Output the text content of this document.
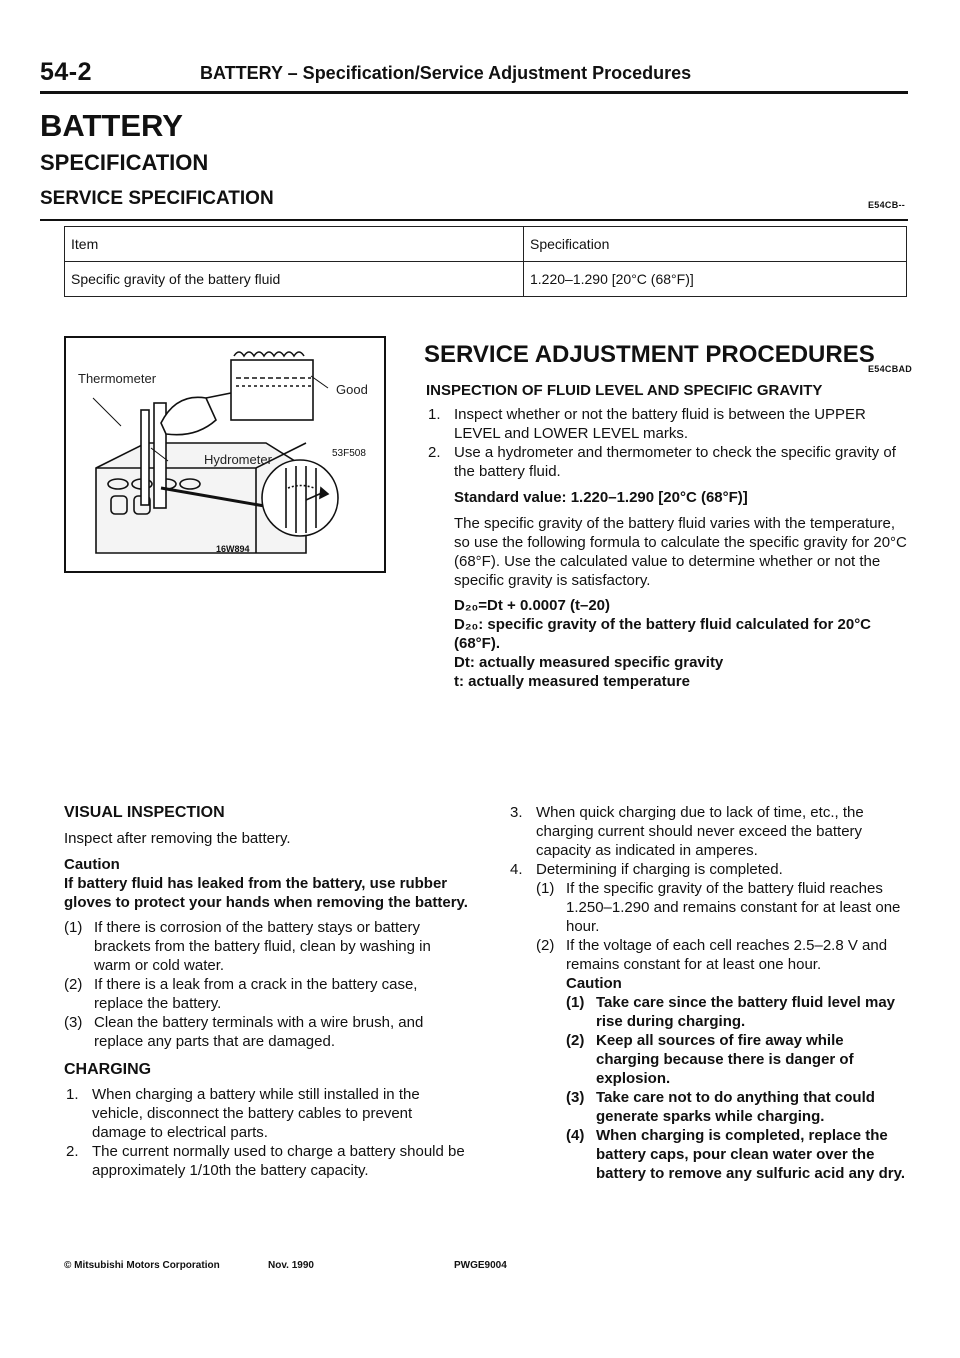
54-2	BATTERY – Specification/Service Adjustment Procedures
BATTERY
SPECIFICATION
SERVICE SPECIFICATION	E54CB--
Item	Specification
Specific gravity of the battery fluid	1.220–1.290 [20°C (68°F)]
Thermometer
Good
Hydrometer	53F508
16W894
SERVICE ADJUSTMENT PROCEDURES
E54CBAD
INSPECTION OF FLUID LEVEL AND SPECIFIC GRAVITY
1. Inspect whether or not the battery fluid is between the UPPER LEVEL and LOWER LEVEL marks.
2. Use a hydrometer and thermometer to check the specific gravity of the battery fluid.
Standard value: 1.220–1.290 [20°C (68°F)]
The specific gravity of the battery fluid varies with the temperature, so use the following formula to calculate the specific gravity for 20°C (68°F). Use the calculated value to determine whether or not the specific gravity is satisfactory.
D₂₀=Dt + 0.0007 (t–20)
D₂₀: specific gravity of the battery fluid calculated for 20°C (68°F).
Dt: actually measured specific gravity
t: actually measured temperature
VISUAL INSPECTION
Inspect after removing the battery.
Caution
If battery fluid has leaked from the battery, use rubber gloves to protect your hands when removing the battery.
(1) If there is corrosion of the battery stays or battery brackets from the battery fluid, clean by washing in warm or cold water.
(2) If there is a leak from a crack in the battery case, replace the battery.
(3) Clean the battery terminals with a wire brush, and replace any parts that are damaged.
CHARGING
1. When charging a battery while still installed in the vehicle, disconnect the battery cables to prevent damage to electrical parts.
2. The current normally used to charge a battery should be approximately 1/10th the battery capacity.
3. When quick charging due to lack of time, etc., the charging current should never exceed the battery capacity as indicated in amperes.
4. Determining if charging is completed.
(1) If the specific gravity of the battery fluid reaches 1.250–1.290 and remains constant for at least one hour.
(2) If the voltage of each cell reaches 2.5–2.8 V and remains constant for at least one hour.
Caution
(1) Take care since the battery fluid level may rise during charging.
(2) Keep all sources of fire away while charging because there is danger of explosion.
(3) Take care not to do anything that could generate sparks while charging.
(4) When charging is completed, replace the battery caps, pour clean water over the battery to remove any sulfuric acid any dry.
© Mitsubishi Motors Corporation	Nov. 1990	PWGE9004
